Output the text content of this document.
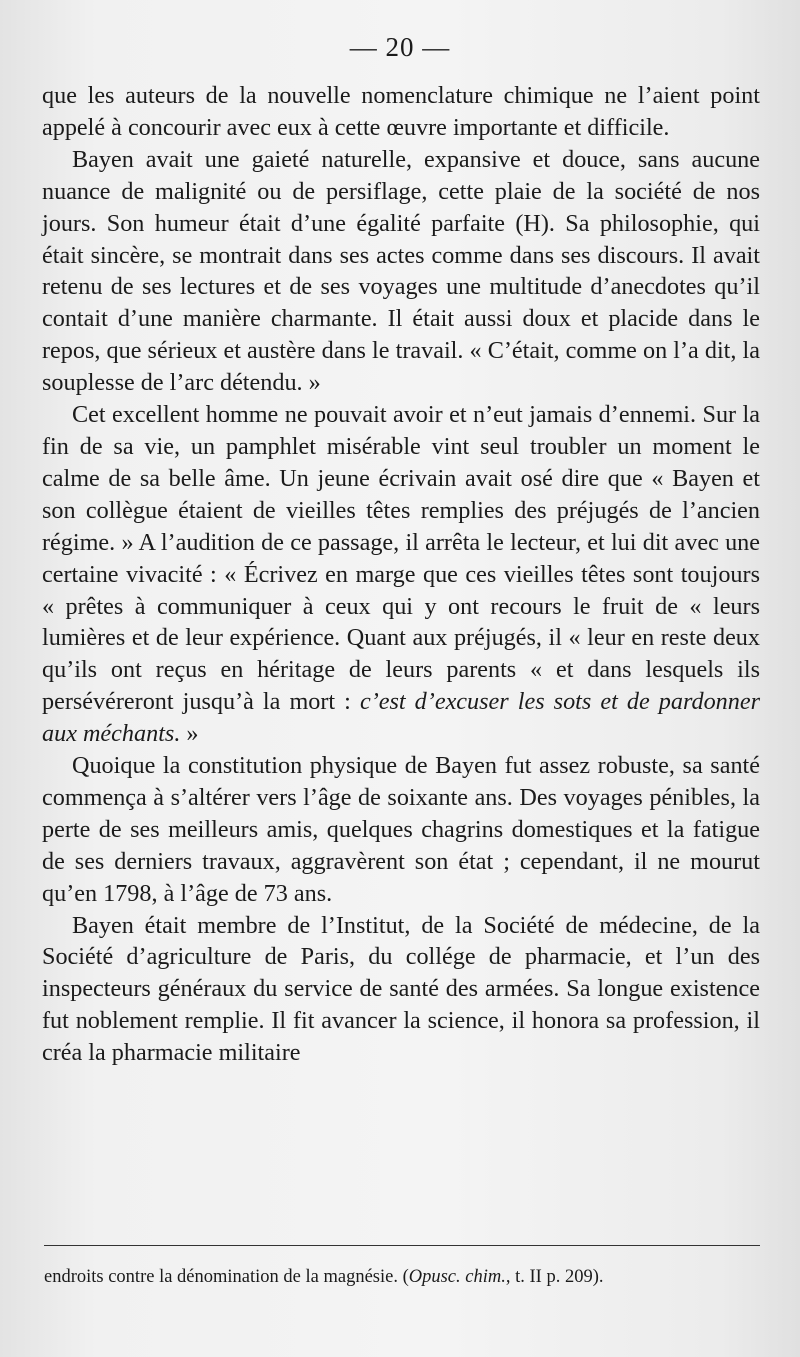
— 20 —

que les auteurs de la nouvelle nomenclature chimique ne l’aient point appelé à concourir avec eux à cette œuvre importante et difficile.

Bayen avait une gaieté naturelle, expansive et douce, sans aucune nuance de malignité ou de persiflage, cette plaie de la société de nos jours. Son humeur était d’une égalité parfaite (H). Sa philosophie, qui était sincère, se montrait dans ses actes comme dans ses discours. Il avait retenu de ses lectures et de ses voyages une multitude d’anecdotes qu’il contait d’une manière charmante. Il était aussi doux et placide dans le repos, que sérieux et austère dans le travail. « C’était, comme on l’a dit, la souplesse de l’arc détendu. »

Cet excellent homme ne pouvait avoir et n’eut jamais d’ennemi. Sur la fin de sa vie, un pamphlet misérable vint seul troubler un moment le calme de sa belle âme. Un jeune écrivain avait osé dire que « Bayen et son collègue étaient de vieilles têtes remplies des préjugés de l’ancien régime. » A l’audition de ce passage, il arrêta le lecteur, et lui dit avec une certaine vivacité : « Écrivez en marge que ces vieilles têtes sont toujours « prêtes à communiquer à ceux qui y ont recours le fruit de « leurs lumières et de leur expérience. Quant aux préjugés, il « leur en reste deux qu’ils ont reçus en héritage de leurs parents « et dans lesquels ils persévéreront jusqu’à la mort : c’est d’excuser les sots et de pardonner aux méchants. »

Quoique la constitution physique de Bayen fut assez robuste, sa santé commença à s’altérer vers l’âge de soixante ans. Des voyages pénibles, la perte de ses meilleurs amis, quelques chagrins domestiques et la fatigue de ses derniers travaux, aggravèrent son état ; cependant, il ne mourut qu’en 1798, à l’âge de 73 ans.

Bayen était membre de l’Institut, de la Société de médecine, de la Société d’agriculture de Paris, du collége de pharmacie, et l’un des inspecteurs généraux du service de santé des armées. Sa longue existence fut noblement remplie. Il fit avancer la science, il honora sa profession, il créa la pharmacie militaire

endroits contre la dénomination de la magnésie. (Opusc. chim., t. II p. 209).
